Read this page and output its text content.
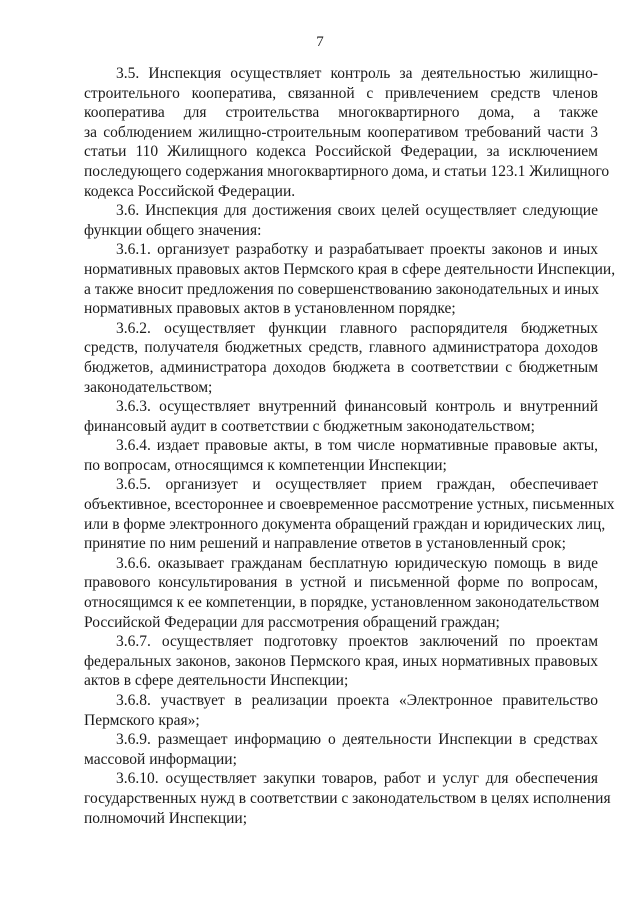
7
3.5. Инспекция осуществляет контроль за деятельностью жилищно-
строительного кооператива, связанной с привлечением средств членов
кооператива для строительства многоквартирного дома, а также
за соблюдением жилищно-строительным кооперативом требований части 3
статьи 110 Жилищного кодекса Российской Федерации, за исключением
последующего содержания многоквартирного дома, и статьи 123.1 Жилищного
кодекса Российской Федерации.
3.6. Инспекция для достижения своих целей осуществляет следующие
функции общего значения:
3.6.1. организует разработку и разрабатывает проекты законов и иных
нормативных правовых актов Пермского края в сфере деятельности Инспекции,
а также вносит предложения по совершенствованию законодательных и иных
нормативных правовых актов в установленном порядке;
3.6.2. осуществляет функции главного распорядителя бюджетных
средств, получателя бюджетных средств, главного администратора доходов
бюджетов, администратора доходов бюджета в соответствии с бюджетным
законодательством;
3.6.3. осуществляет внутренний финансовый контроль и внутренний
финансовый аудит в соответствии с бюджетным законодательством;
3.6.4. издает правовые акты, в том числе нормативные правовые акты,
по вопросам, относящимся к компетенции Инспекции;
3.6.5. организует и осуществляет прием граждан, обеспечивает
объективное, всестороннее и своевременное рассмотрение устных, письменных
или в форме электронного документа обращений граждан и юридических лиц,
принятие по ним решений и направление ответов в установленный срок;
3.6.6. оказывает гражданам бесплатную юридическую помощь в виде
правового консультирования в устной и письменной форме по вопросам,
относящимся к ее компетенции, в порядке, установленном законодательством
Российской Федерации для рассмотрения обращений граждан;
3.6.7. осуществляет подготовку проектов заключений по проектам
федеральных законов, законов Пермского края, иных нормативных правовых
актов в сфере деятельности Инспекции;
3.6.8. участвует в реализации проекта «Электронное правительство
Пермского края»;
3.6.9. размещает информацию о деятельности Инспекции в средствах
массовой информации;
3.6.10. осуществляет закупки товаров, работ и услуг для обеспечения
государственных нужд в соответствии с законодательством в целях исполнения
полномочий Инспекции;
